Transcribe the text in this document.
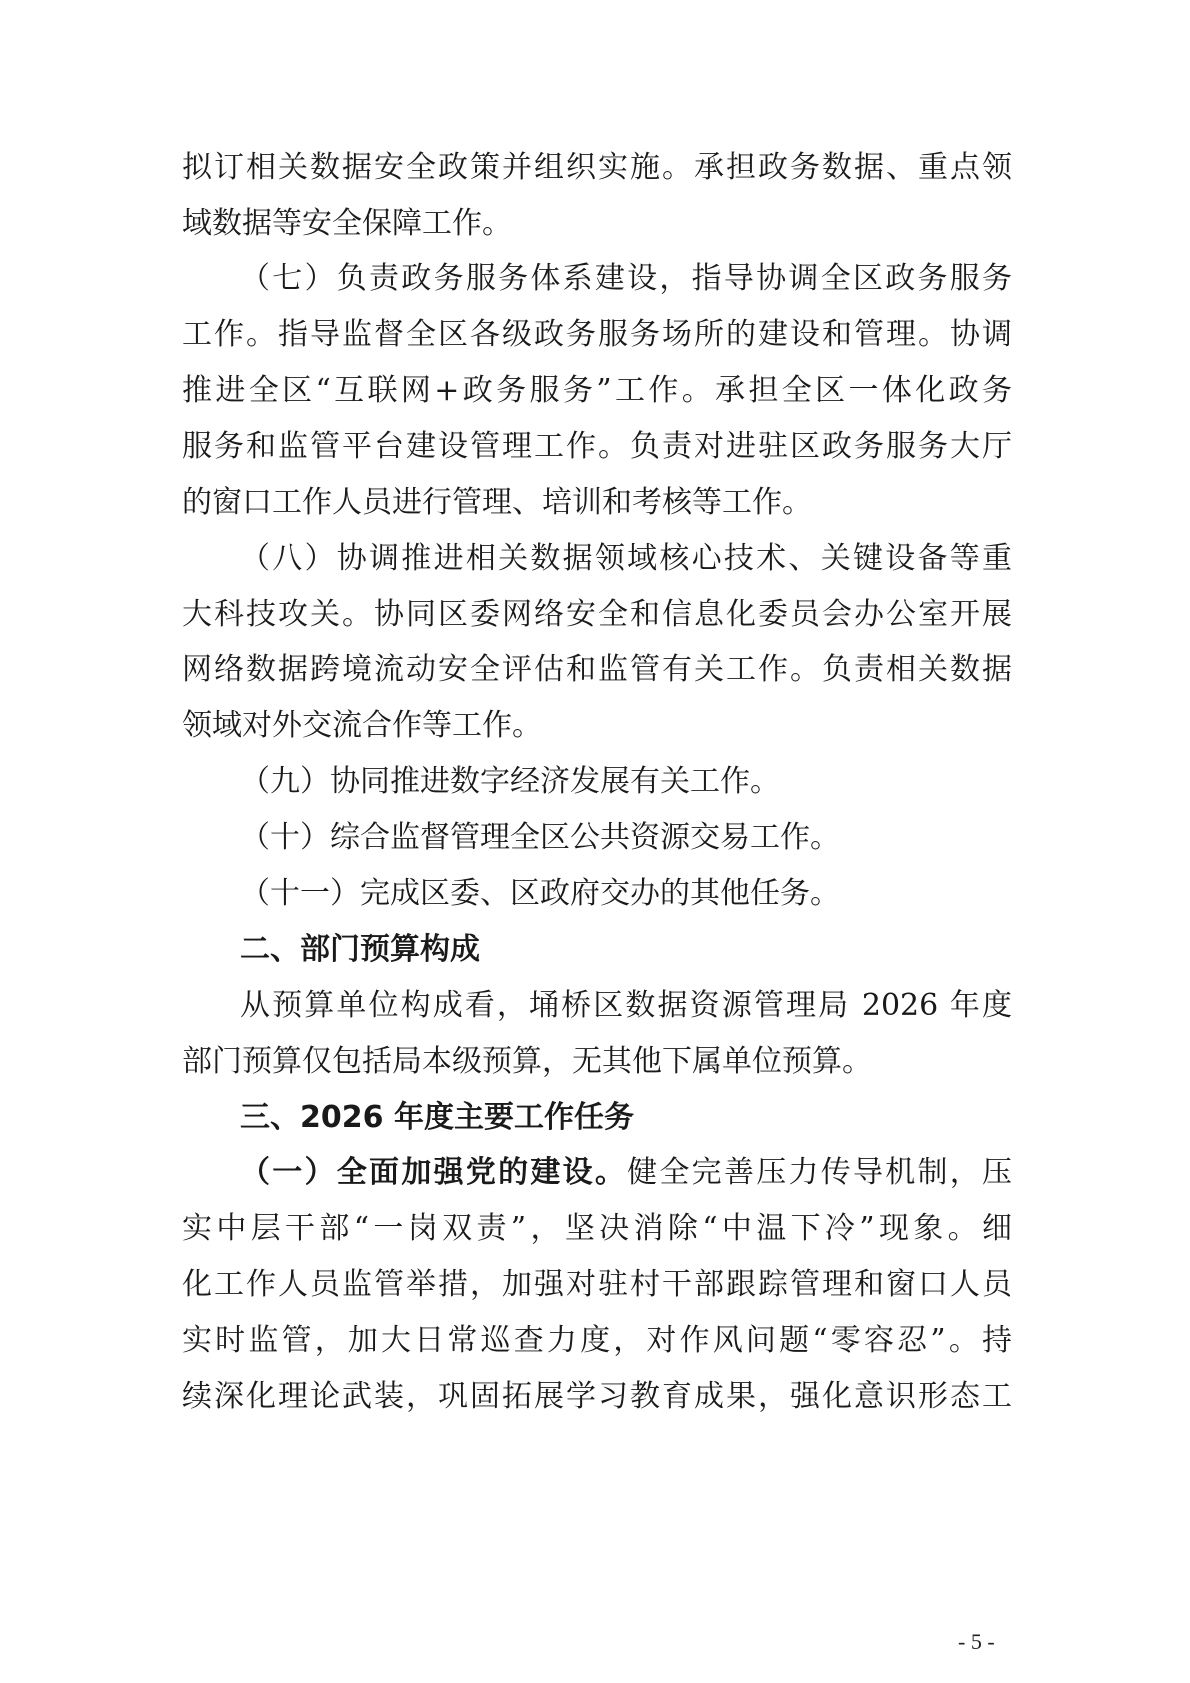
拟订相关数据安全政策并组织实施。承担政务数据、重点领
域数据等安全保障工作。
（七）负责政务服务体系建设，指导协调全区政务服务
工作。指导监督全区各级政务服务场所的建设和管理。协调
推进全区“互联网+政务服务”工作。承担全区一体化政务
服务和监管平台建设管理工作。负责对进驻区政务服务大厅
的窗口工作人员进行管理、培训和考核等工作。
（八）协调推进相关数据领域核心技术、关键设备等重
大科技攻关。协同区委网络安全和信息化委员会办公室开展
网络数据跨境流动安全评估和监管有关工作。负责相关数据
领域对外交流合作等工作。
（九）协同推进数字经济发展有关工作。
（十）综合监督管理全区公共资源交易工作。
（十一）完成区委、区政府交办的其他任务。
二、部门预算构成
从预算单位构成看，埇桥区数据资源管理局 2026 年度
部门预算仅包括局本级预算，无其他下属单位预算。
三、2026 年度主要工作任务
（一）全面加强党的建设。健全完善压力传导机制，压
实中层干部“一岗双责”，坚决消除“中温下冷”现象。细
化工作人员监管举措，加强对驻村干部跟踪管理和窗口人员
实时监管，加大日常巡查力度，对作风问题“零容忍”。持
续深化理论武装，巩固拓展学习教育成果，强化意识形态工
- 5 -
